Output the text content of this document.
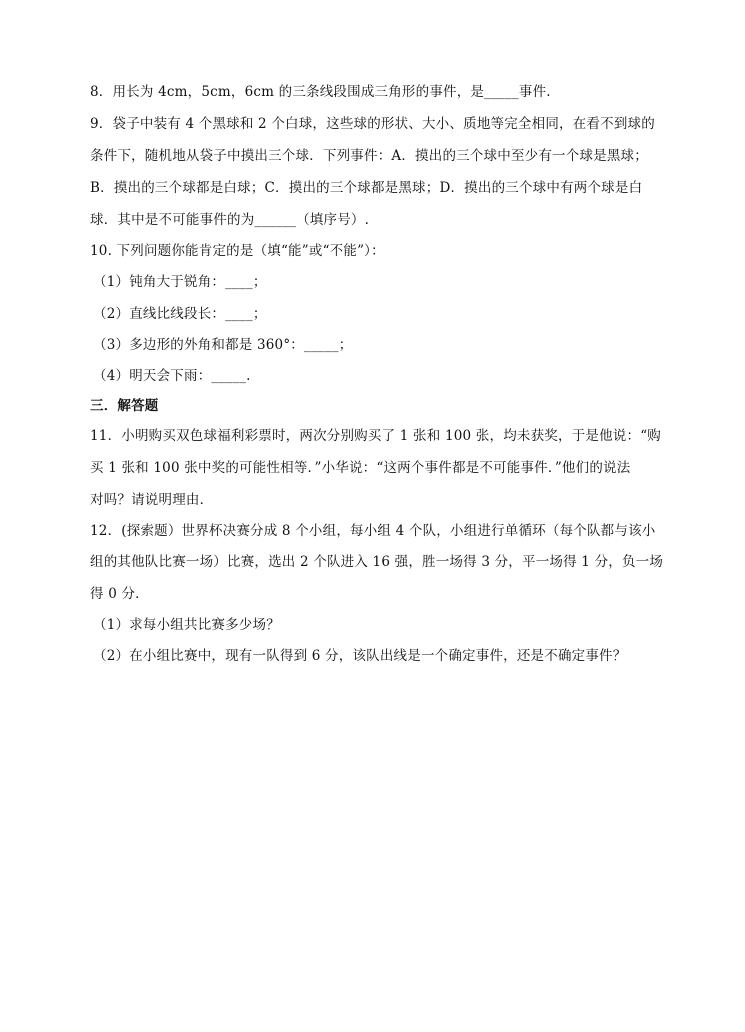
8．用长为 4cm，5cm，6cm 的三条线段围成三角形的事件，是_____事件.
9．袋子中装有 4 个黑球和 2 个白球，这些球的形状、大小、质地等完全相同，在看不到球的
条件下，随机地从袋子中摸出三个球．下列事件：A．摸出的三个球中至少有一个球是黑球；
B．摸出的三个球都是白球；C．摸出的三个球都是黑球；D．摸出的三个球中有两个球是白
球．其中是不可能事件的为______（填序号）.
10. 下列问题你能肯定的是（填“能”或“不能”）：
（1）钝角大于锐角：____；
（2）直线比线段长：____；
（3）多边形的外角和都是 360°：_____；
（4）明天会下雨：_____.
三．解答题
11．小明购买双色球福利彩票时，两次分别购买了 1 张和 100 张，均未获奖，于是他说：“购
买 1 张和 100 张中奖的可能性相等．”小华说：“这两个事件都是不可能事件．”他们的说法
对吗？请说明理由．
12．(探索题）世界杯决赛分成 8 个小组，每小组 4 个队，小组进行单循环（每个队都与该小
组的其他队比赛一场）比赛，选出 2 个队进入 16 强，胜一场得 3 分，平一场得 1 分，负一场
得 0 分．
（1）求每小组共比赛多少场？
（2）在小组比赛中，现有一队得到 6 分，该队出线是一个确定事件，还是不确定事件？
